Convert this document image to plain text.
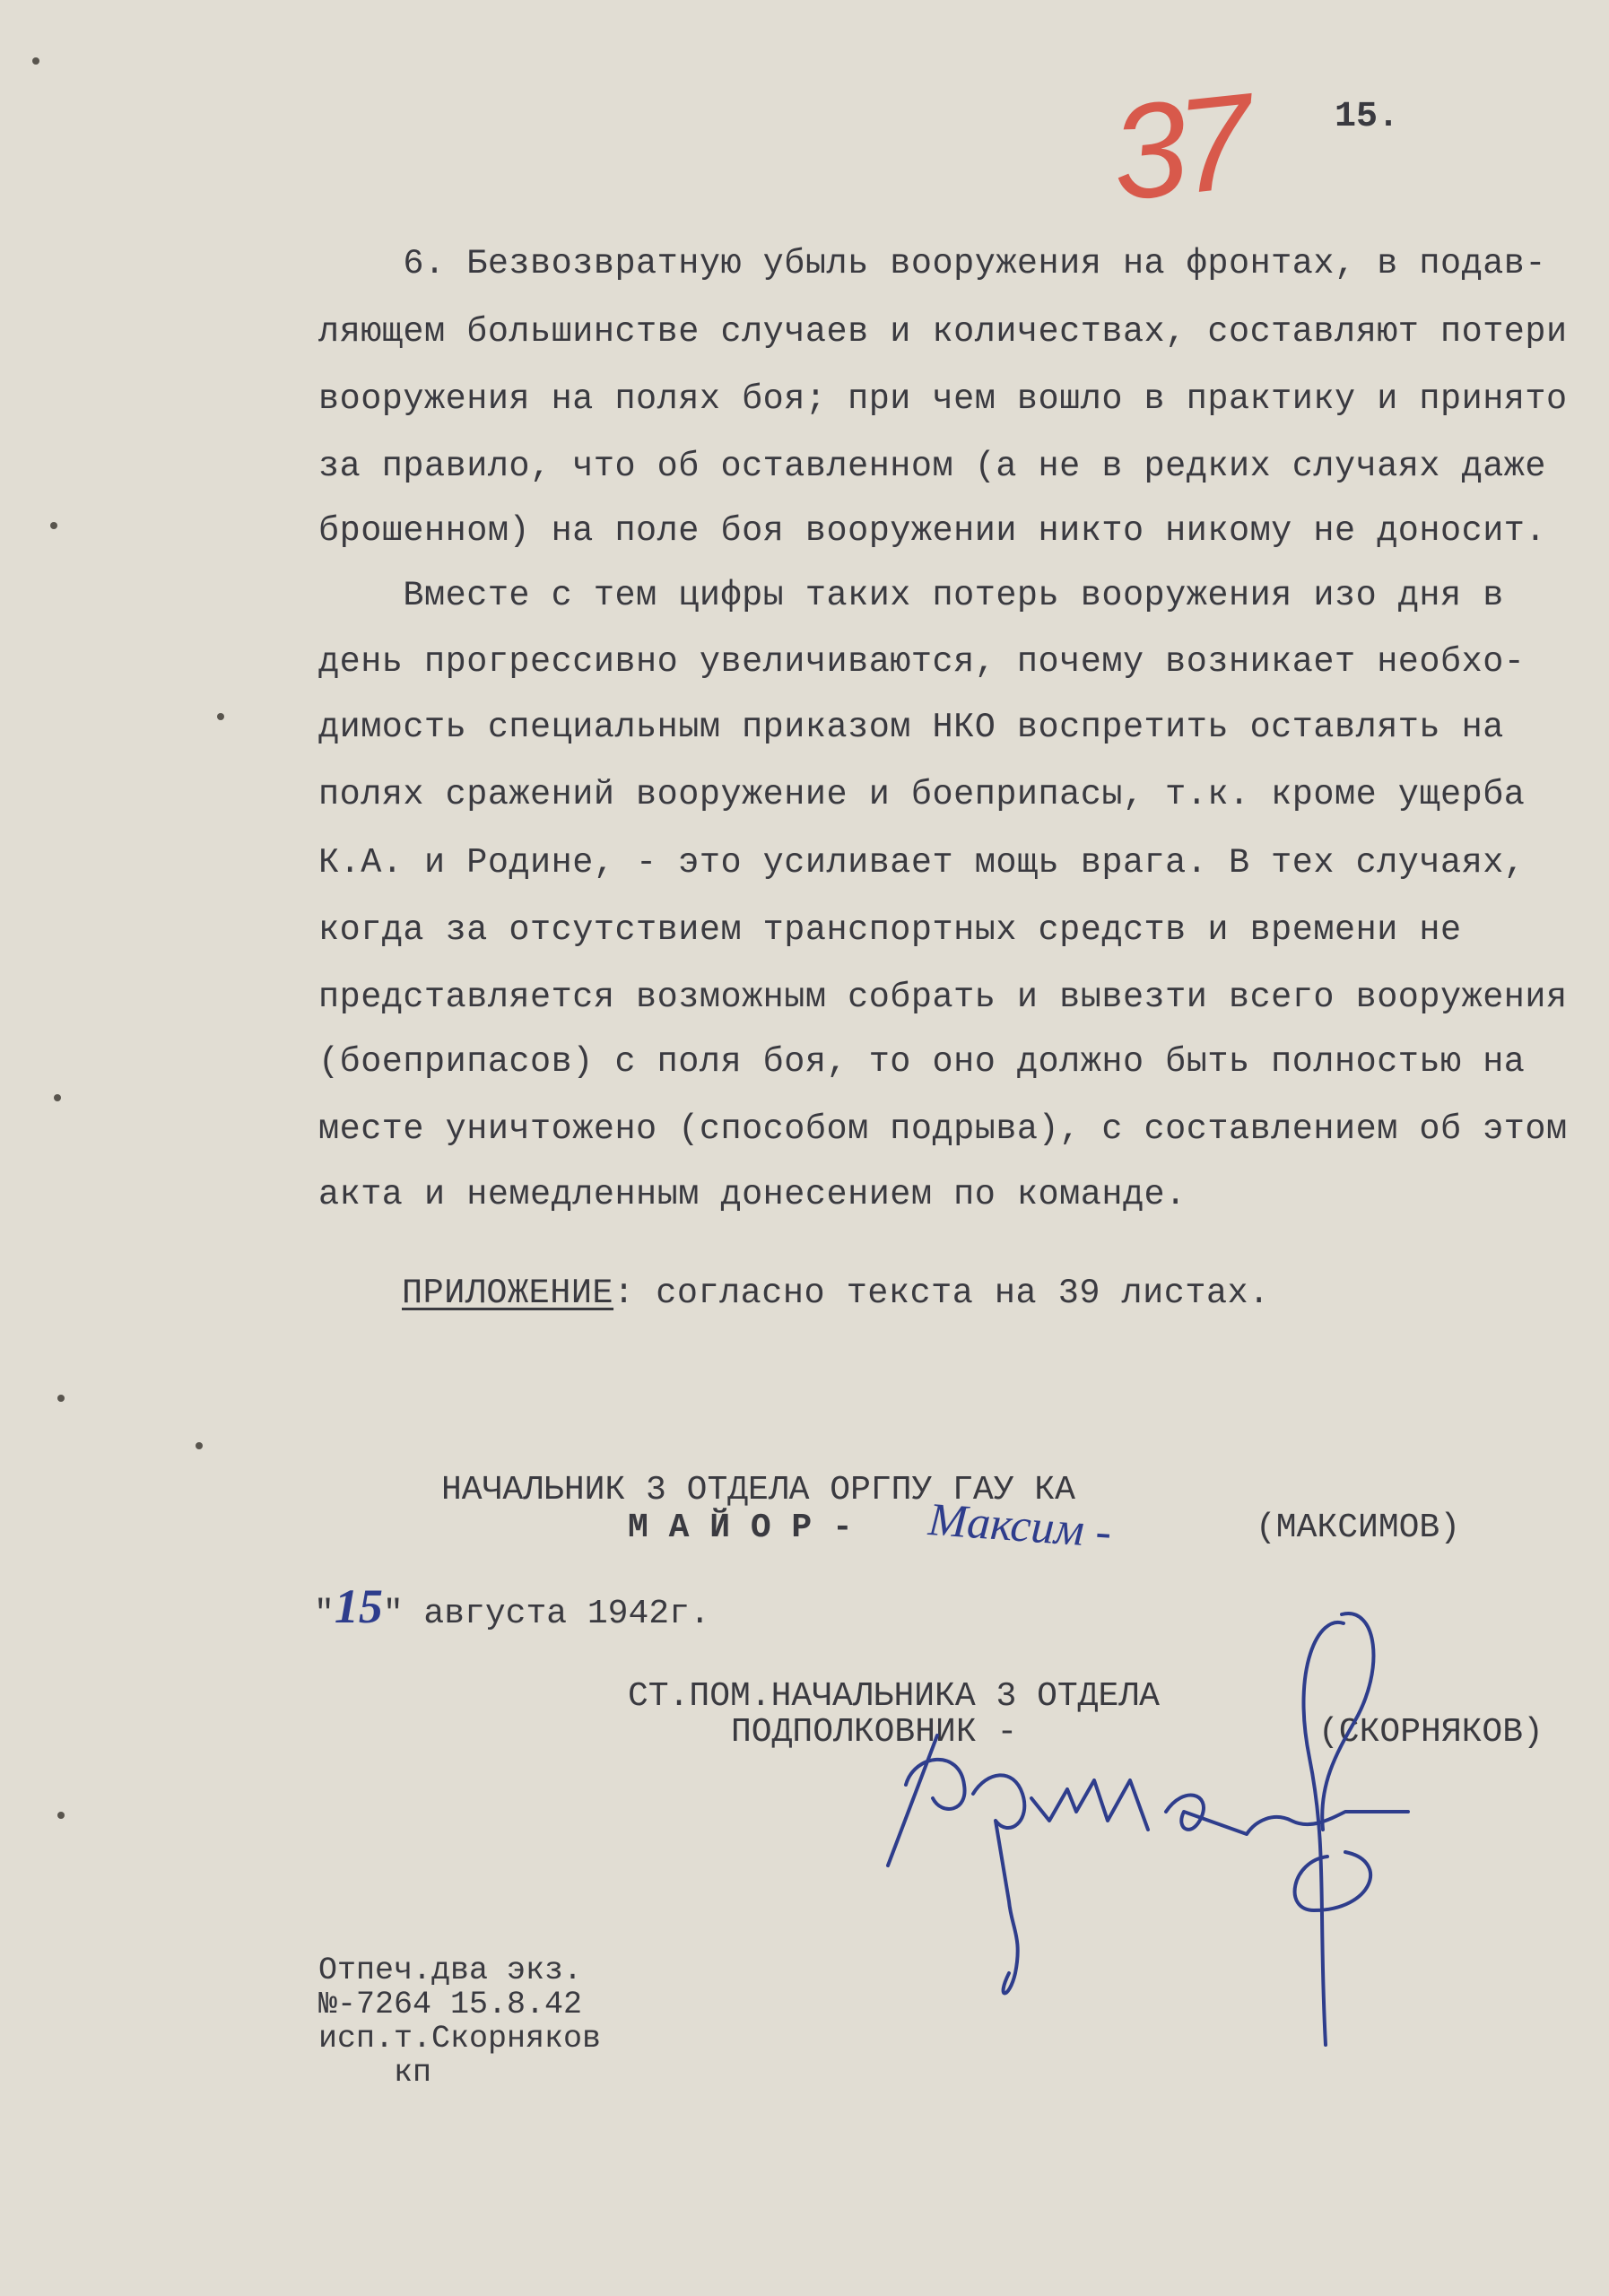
37 15.
6. Безвозвратную убыль вооружения на фронтах, в подав-
ляющем большинстве случаев и количествах, составляют потери
вооружения на полях боя; при чем вошло в практику и принято
за правило, что об оставленном (а не в редких случаях даже
брошенном) на поле боя вооружении никто никому не доносит.
Вместе с тем цифры таких потерь вооружения изо дня в
день прогрессивно увеличиваются, почему возникает необхо-
димость специальным приказом НКО воспретить оставлять на
полях сражений вооружение и боеприпасы, т.к. кроме ущерба
К.А. и Родине, - это усиливает мощь врага. В тех случаях,
когда за отсутствием транспортных средств и времени не
представляется возможным собрать и вывезти всего вооружения
(боеприпасов) с поля боя, то оно должно быть полностью на
месте уничтожено (способом подрыва), с составлением об этом
акта и немедленным донесением по команде.
ПРИЛОЖЕНИЕ: согласно текста на 39 листах.
НАЧАЛЬНИК 3 ОТДЕЛА ОРГПУ ГАУ КА
М А Й О Р - Мaксим -	(МАКСИМОВ)
"15" августа 1942г.
СТ.ПОМ.НАЧАЛЬНИКА 3 ОТДЕЛА
ПОДПОЛКОВНИК -	(СКОРНЯКОВ)
Отпеч.два экз.
№-7264 15.8.42
исп.т.Скорняков
кп
